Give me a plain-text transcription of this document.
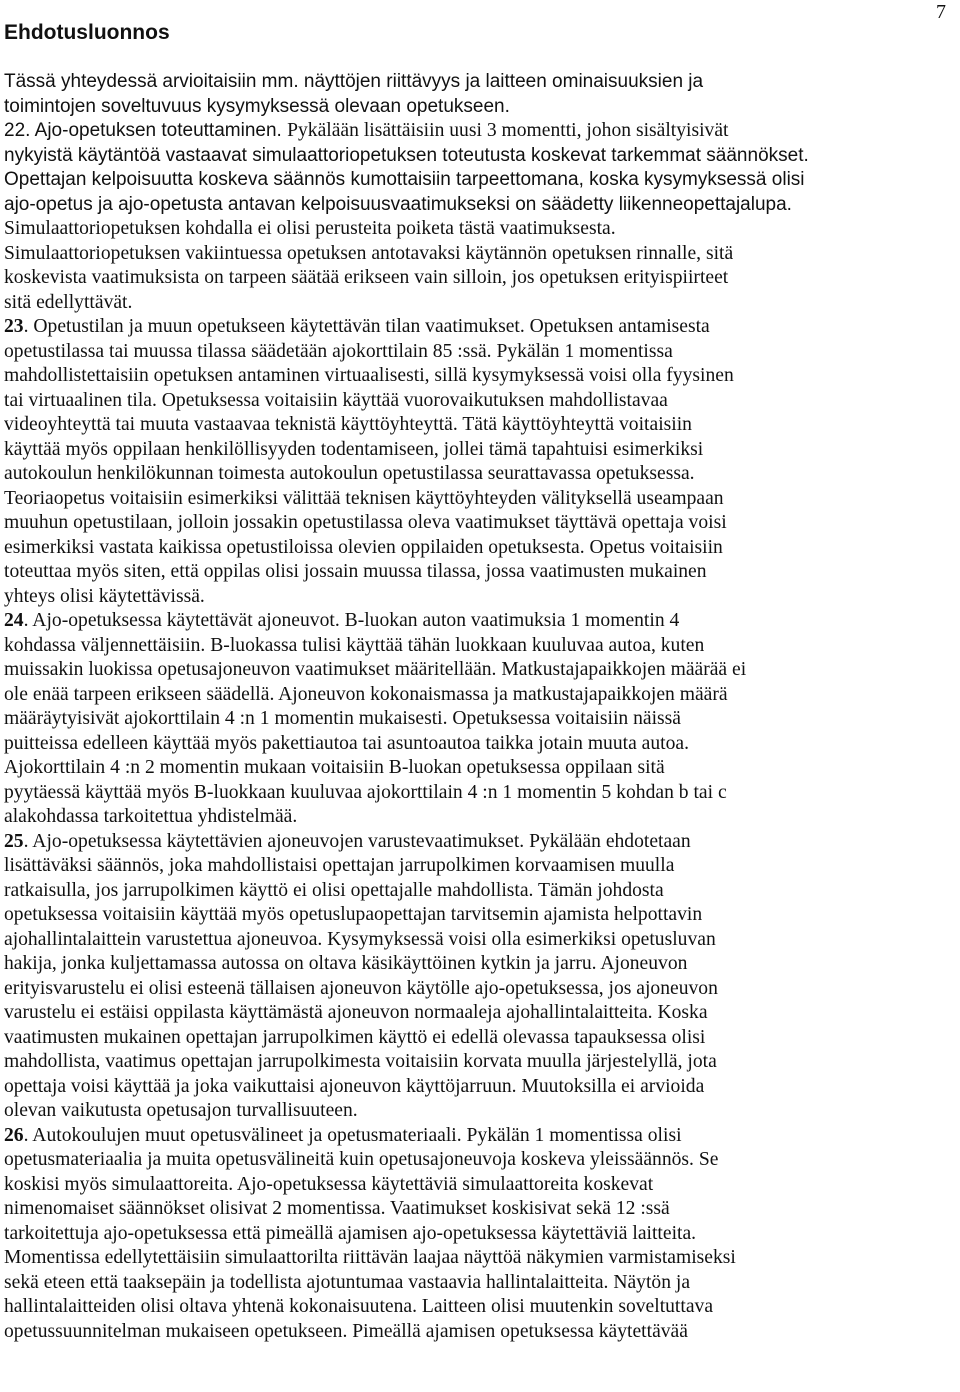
Ehdotusluonnos
7
Tässä yhteydessä arvioitaisiin mm. näyttöjen riittävyys ja laitteen ominaisuuksien ja
toimintojen soveltuvuus kysymyksessä olevaan opetukseen.
22. Ajo-opetuksen toteuttaminen. Pykälään lisättäisiin uusi 3 momentti, johon sisältyisivät
nykyistä käytäntöä vastaavat simulaattoriopetuksen toteutusta koskevat tarkemmat säännökset.
Opettajan kelpoisuutta koskeva säännös kumottaisiin tarpeettomana, koska kysymyksessä olisi
ajo-opetus ja ajo-opetusta antavan kelpoisuusvaatimukseksi on säädetty liikenneopettajalupa.
Simulaattoriopetuksen kohdalla ei olisi perusteita poiketa tästä vaatimuksesta.
Simulaattoriopetuksen vakiintuessa opetuksen antotavaksi käytännön opetuksen rinnalle, sitä
koskevista vaatimuksista on tarpeen säätää erikseen vain silloin, jos opetuksen erityispiirteet
sitä edellyttävät.
23. Opetustilan ja muun opetukseen käytettävän tilan vaatimukset. Opetuksen antamisesta
opetustilassa tai muussa tilassa säädetään ajokorttilain 85 :ssä. Pykälän 1 momentissa
mahdollistettaisiin opetuksen antaminen virtuaalisesti, sillä kysymyksessä voisi olla fyysinen
tai virtuaalinen tila. Opetuksessa voitaisiin käyttää vuorovaikutuksen mahdollistavaa
videoyhteyttä tai muuta vastaavaa teknistä käyttöyhteyttä. Tätä käyttöyhteyttä voitaisiin
käyttää myös oppilaan henkilöllisyyden todentamiseen, jollei tämä tapahtuisi esimerkiksi
autokoulun henkilökunnan toimesta autokoulun opetustilassa seurattavassa opetuksessa.
Teoriaopetus voitaisiin esimerkiksi välittää teknisen käyttöyhteyden välityksellä useampaan
muuhun opetustilaan, jolloin jossakin opetustilassa oleva vaatimukset täyttävä opettaja voisi
esimerkiksi vastata kaikissa opetustiloissa olevien oppilaiden opetuksesta. Opetus voitaisiin
toteuttaa myös siten, että oppilas olisi jossain muussa tilassa, jossa vaatimusten mukainen
yhteys olisi käytettävissä.
24. Ajo-opetuksessa käytettävät ajoneuvot. B-luokan auton vaatimuksia 1 momentin 4
kohdassa väljennettäisiin. B-luokassa tulisi käyttää tähän luokkaan kuuluvaa autoa, kuten
muissakin luokissa opetusajoneuvon vaatimukset määritellään. Matkustajapaikkojen määrää ei
ole enää tarpeen erikseen säädellä. Ajoneuvon kokonaismassa ja matkustajapaikkojen määrä
määräytyisivät ajokorttilain 4 :n 1 momentin mukaisesti. Opetuksessa voitaisiin näissä
puitteissa edelleen käyttää myös pakettiautoa tai asuntoautoa taikka jotain muuta autoa.
Ajokorttilain 4 :n 2 momentin mukaan voitaisiin B-luokan opetuksessa oppilaan sitä
pyytäessä käyttää myös B-luokkaan kuuluvaa ajokorttilain 4 :n 1 momentin 5 kohdan b tai c
alakohdassa tarkoitettua yhdistelmää.
25. Ajo-opetuksessa käytettävien ajoneuvojen varustevaatimukset. Pykälään ehdotetaan
lisättäväksi säännös, joka mahdollistaisi opettajan jarrupolkimen korvaamisen muulla
ratkaisulla, jos jarrupolkimen käyttö ei olisi opettajalle mahdollista. Tämän johdosta
opetuksessa voitaisiin käyttää myös opetuslupaopettajan tarvitsemin ajamista helpottavin
ajohallintalaittein varustettua ajoneuvoa. Kysymyksessä voisi olla esimerkiksi opetusluvan
hakija, jonka kuljettamassa autossa on oltava käsikäyttöinen kytkin ja jarru. Ajoneuvon
erityisvarustelu ei olisi esteenä tällaisen ajoneuvon käytölle ajo-opetuksessa, jos ajoneuvon
varustelu ei estäisi oppilasta käyttämästä ajoneuvon normaaleja ajohallintalaitteita. Koska
vaatimusten mukainen opettajan jarrupolkimen käyttö ei edellä olevassa tapauksessa olisi
mahdollista, vaatimus opettajan jarrupolkimesta voitaisiin korvata muulla järjestelyllä, jota
opettaja voisi käyttää ja joka vaikuttaisi ajoneuvon käyttöjarruun. Muutoksilla ei arvioida
olevan vaikutusta opetusajon turvallisuuteen.
26. Autokoulujen muut opetusvälineet ja opetusmateriaali. Pykälän 1 momentissa olisi
opetusmateriaalia ja muita opetusvälineitä kuin opetusajoneuvoja koskeva yleissäännös. Se
koskisi myös simulaattoreita. Ajo-opetuksessa käytettäviä simulaattoreita koskevat
nimenomaiset säännökset olisivat 2 momentissa. Vaatimukset koskisivat sekä 12 :ssä
tarkoitettuja ajo-opetuksessa että pimeällä ajamisen ajo-opetuksessa käytettäviä laitteita.
Momentissa edellytettäisiin simulaattorilta riittävän laajaa näyttöä näkymien varmistamiseksi
sekä eteen että taaksepäin ja todellista ajotuntumaa vastaavia hallintalaitteita. Näytön ja
hallintalaitteiden olisi oltava yhtenä kokonaisuutena. Laitteen olisi muutenkin soveltuttava
opetussuunnitelman mukaiseen opetukseen. Pimeällä ajamisen opetuksessa käytettävää
